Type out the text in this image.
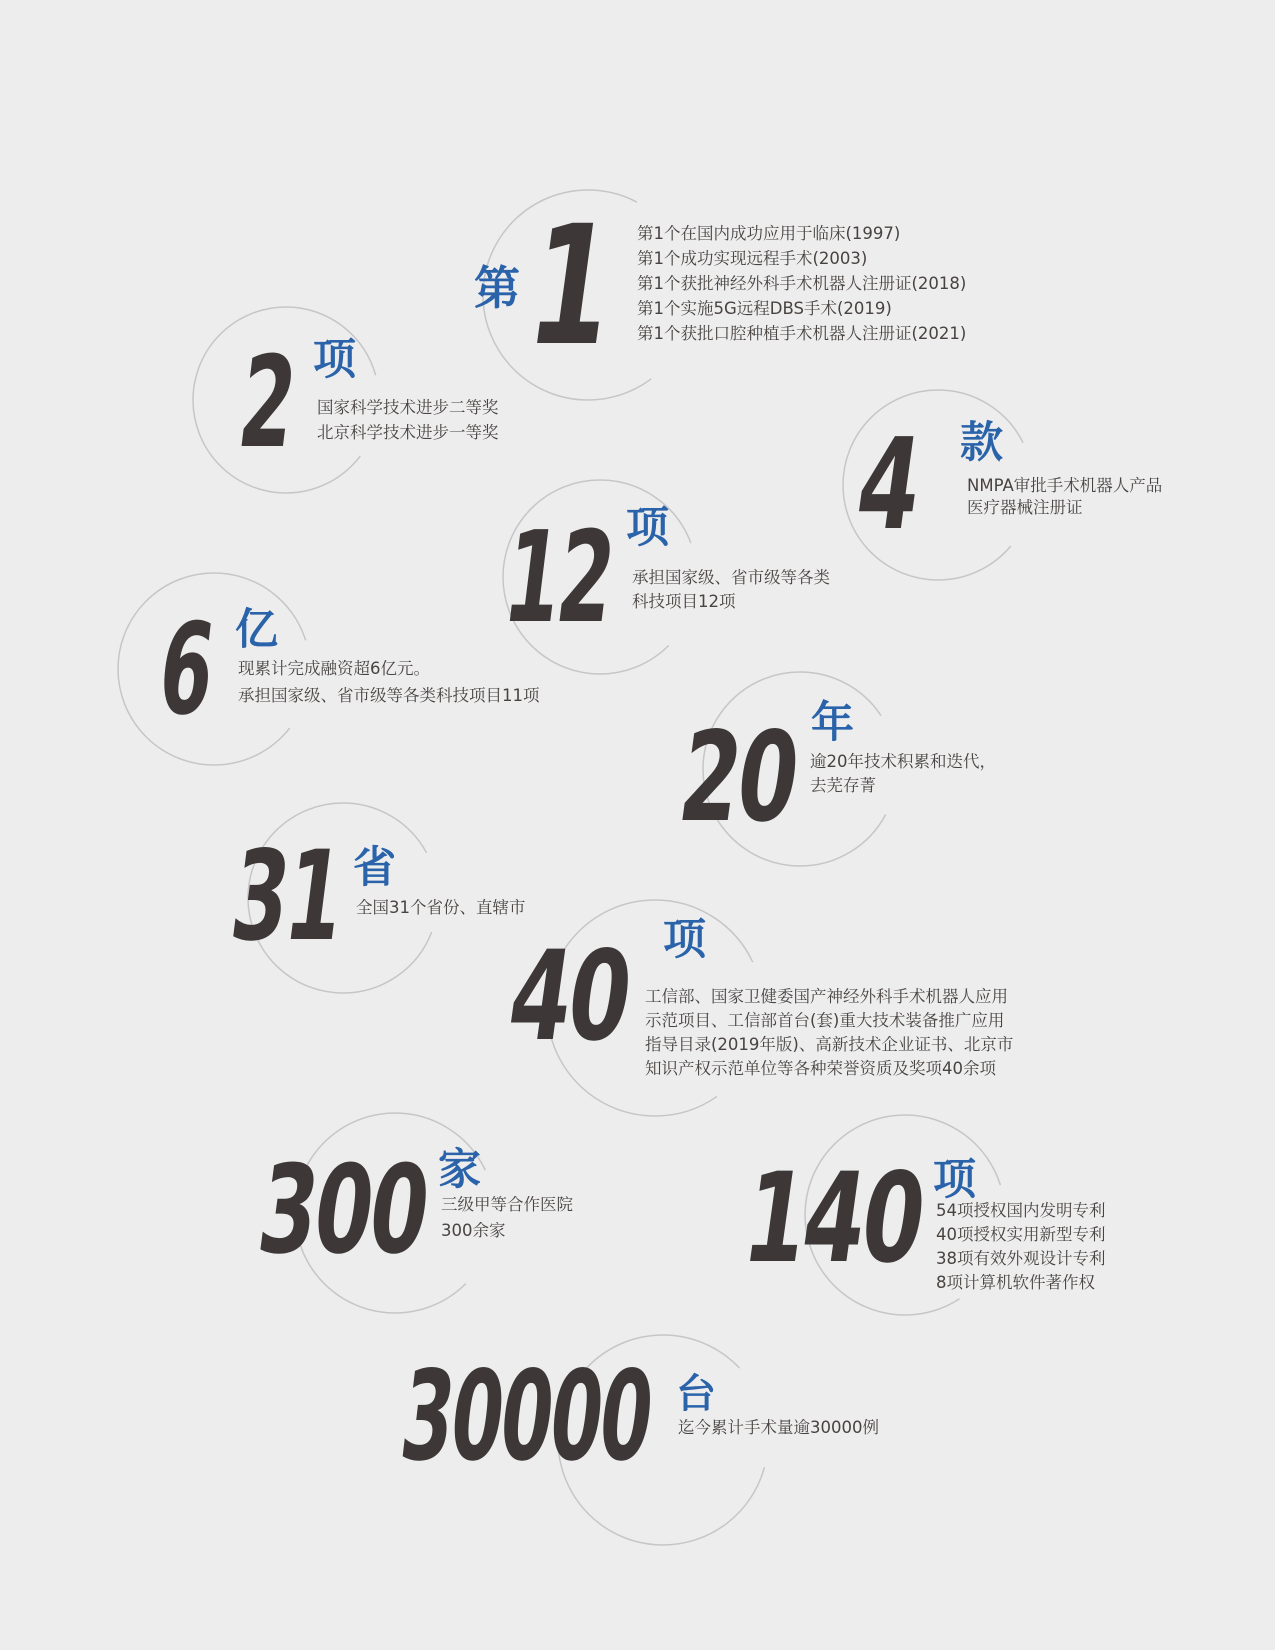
第
1 第1个在国内成功应用于临床(1997)
第1个成功实现远程手术(2003)
第1个获批神经外科手术机器人注册证(2018)
第1个实施5G远程DBS手术(2019)
第1个获批口腔种植手术机器人注册证(2021)
2 项
国家科学技术进步二等奖
北京科学技术进步一等奖	4 款
NMPA审批手术机器人产品
医疗器械注册证
12 项
承担国家级、省市级等各类
科技项目12项
6 亿
现累计完成融资超6亿元。
承担国家级、省市级等各类科技项目11项
20 年
逾20年技术积累和迭代，
去芜存菁
31 省
全国31个省份、直辖市
40 项
工信部、国家卫健委国产神经外科手术机器人应用
示范项目、工信部首台(套)重大技术装备推广应用
指导目录(2019年版)、高新技术企业证书、北京市
知识产权示范单位等各种荣誉资质及奖项40余项
300 家
三级甲等合作医院
300余家	140 项
54项授权国内发明专利
40项授权实用新型专利
38项有效外观设计专利
8项计算机软件著作权
30000 台
迄今累计手术量逾30000例
